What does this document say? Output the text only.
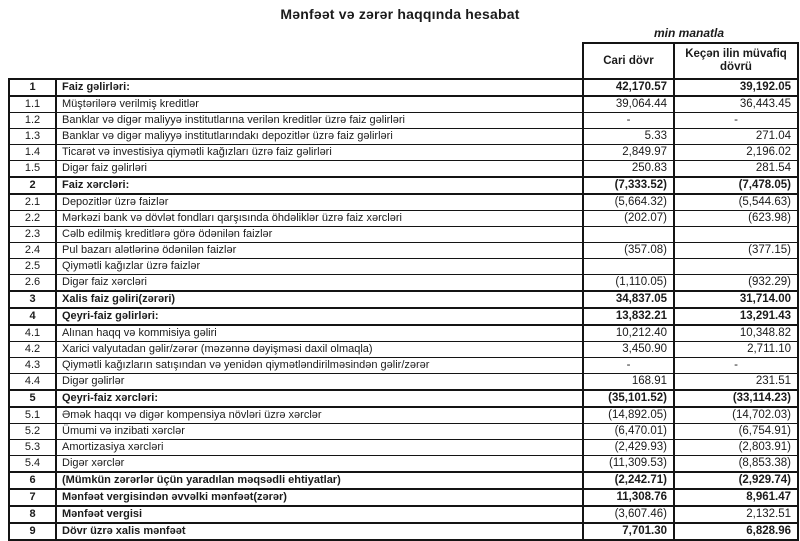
Mənfəət və zərər haqqında hesabat
min manatla
		Cari dövr	Keçən ilin müvafiq dövrü
1	Faiz gəlirləri:	42,170.57	39,192.05
1.1	Müştərilərə verilmiş kreditlər	39,064.44	36,443.45
1.2	Banklar və digər maliyyə institutlarına verilən kreditlər üzrə faiz gəlirləri	-	-
1.3	Banklar və digər maliyyə institutlarındakı depozitlər üzrə faiz gəlirləri	5.33	271.04
1.4	Ticarət və investisiya qiymətli kağızları üzrə faiz gəlirləri	2,849.97	2,196.02
1.5	Digər faiz gəlirləri	250.83	281.54
2	Faiz xərcləri:	(7,333.52)	(7,478.05)
2.1	Depozitlər üzrə faizlər	(5,664.32)	(5,544.63)
2.2	Mərkəzi bank və dövlət fondları qarşısında öhdəliklər üzrə faiz xərcləri	(202.07)	(623.98)
2.3	Cəlb edilmiş kreditlərə görə ödənilən faizlər		
2.4	Pul bazarı alətlərinə ödənilən faizlər	(357.08)	(377.15)
2.5	Qiymətli kağızlar üzrə faizlər		
2.6	Digər faiz xərcləri	(1,110.05)	(932.29)
3	Xalis faiz gəliri(zərəri)	34,837.05	31,714.00
4	Qeyri-faiz gəlirləri:	13,832.21	13,291.43
4.1	Alınan haqq və kommisiya gəliri	10,212.40	10,348.82
4.2	Xarici valyutadan gəlir/zərər (məzənnə dəyişməsi daxil olmaqla)	3,450.90	2,711.10
4.3	Qiymətli kağızların satışından və yenidən qiymətləndirilməsindən gəlir/zərər	-	-
4.4	Digər gəlirlər	168.91	231.51
5	Qeyri-faiz xərcləri:	(35,101.52)	(33,114.23)
5.1	Əmək haqqı və digər kompensiya növləri üzrə xərclər	(14,892.05)	(14,702.03)
5.2	Ümumi və inzibati xərclər	(6,470.01)	(6,754.91)
5.3	Amortizasiya xərcləri	(2,429.93)	(2,803.91)
5.4	Digər xərclər	(11,309.53)	(8,853.38)
6	(Mümkün zərərlər üçün yaradılan məqsədli ehtiyatlar)	(2,242.71)	(2,929.74)
7	Mənfəət vergisindən əvvəlki mənfəət(zərər)	11,308.76	8,961.47
8	Mənfəət vergisi	(3,607.46)	2,132.51
9	Dövr üzrə xalis mənfəət	7,701.30	6,828.96
